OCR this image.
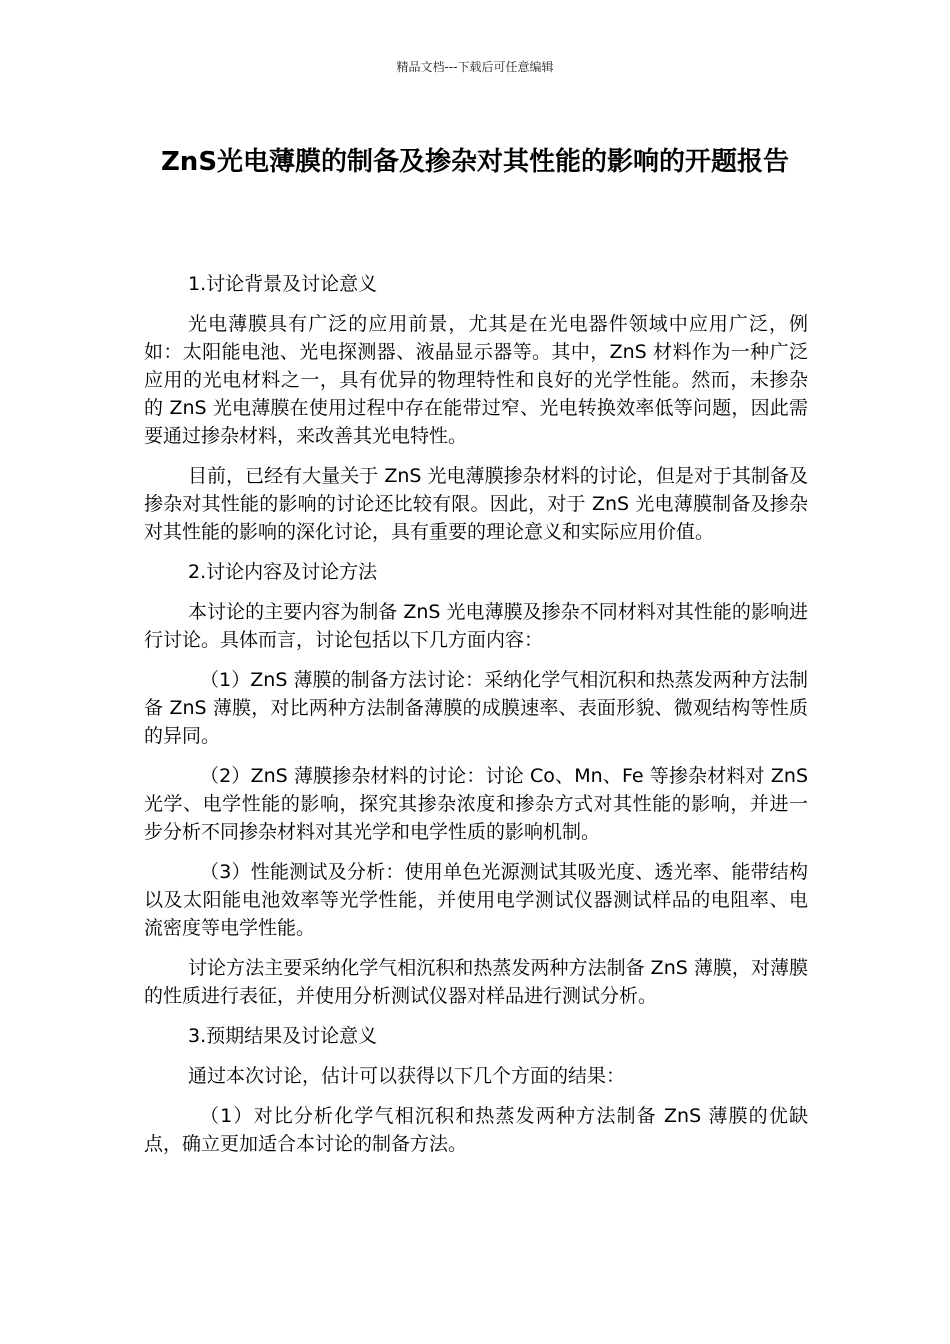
精品文档---下载后可任意编辑
ZnS光电薄膜的制备及掺杂对其性能的影响的开题报告

1.讨论背景及讨论意义

光电薄膜具有广泛的应用前景，尤其是在光电器件领域中应用广泛，例如：太阳能电池、光电探测器、液晶显示器等。其中，ZnS 材料作为一种广泛应用的光电材料之一，具有优异的物理特性和良好的光学性能。然而，未掺杂的 ZnS 光电薄膜在使用过程中存在能带过窄、光电转换效率低等问题，因此需要通过掺杂材料，来改善其光电特性。

目前，已经有大量关于 ZnS 光电薄膜掺杂材料的讨论，但是对于其制备及掺杂对其性能的影响的讨论还比较有限。因此，对于 ZnS 光电薄膜制备及掺杂对其性能的影响的深化讨论，具有重要的理论意义和实际应用价值。

2.讨论内容及讨论方法

本讨论的主要内容为制备 ZnS 光电薄膜及掺杂不同材料对其性能的影响进行讨论。具体而言，讨论包括以下几方面内容：

（1）ZnS 薄膜的制备方法讨论：采纳化学气相沉积和热蒸发两种方法制备 ZnS 薄膜，对比两种方法制备薄膜的成膜速率、表面形貌、微观结构等性质的异同。

（2）ZnS 薄膜掺杂材料的讨论：讨论 Co、Mn、Fe 等掺杂材料对 ZnS 光学、电学性能的影响，探究其掺杂浓度和掺杂方式对其性能的影响，并进一步分析不同掺杂材料对其光学和电学性质的影响机制。

（3）性能测试及分析：使用单色光源测试其吸光度、透光率、能带结构以及太阳能电池效率等光学性能，并使用电学测试仪器测试样品的电阻率、电流密度等电学性能。

讨论方法主要采纳化学气相沉积和热蒸发两种方法制备 ZnS 薄膜，对薄膜的性质进行表征，并使用分析测试仪器对样品进行测试分析。

3.预期结果及讨论意义

通过本次讨论，估计可以获得以下几个方面的结果：

（1）对比分析化学气相沉积和热蒸发两种方法制备 ZnS 薄膜的优缺点，确立更加适合本讨论的制备方法。
